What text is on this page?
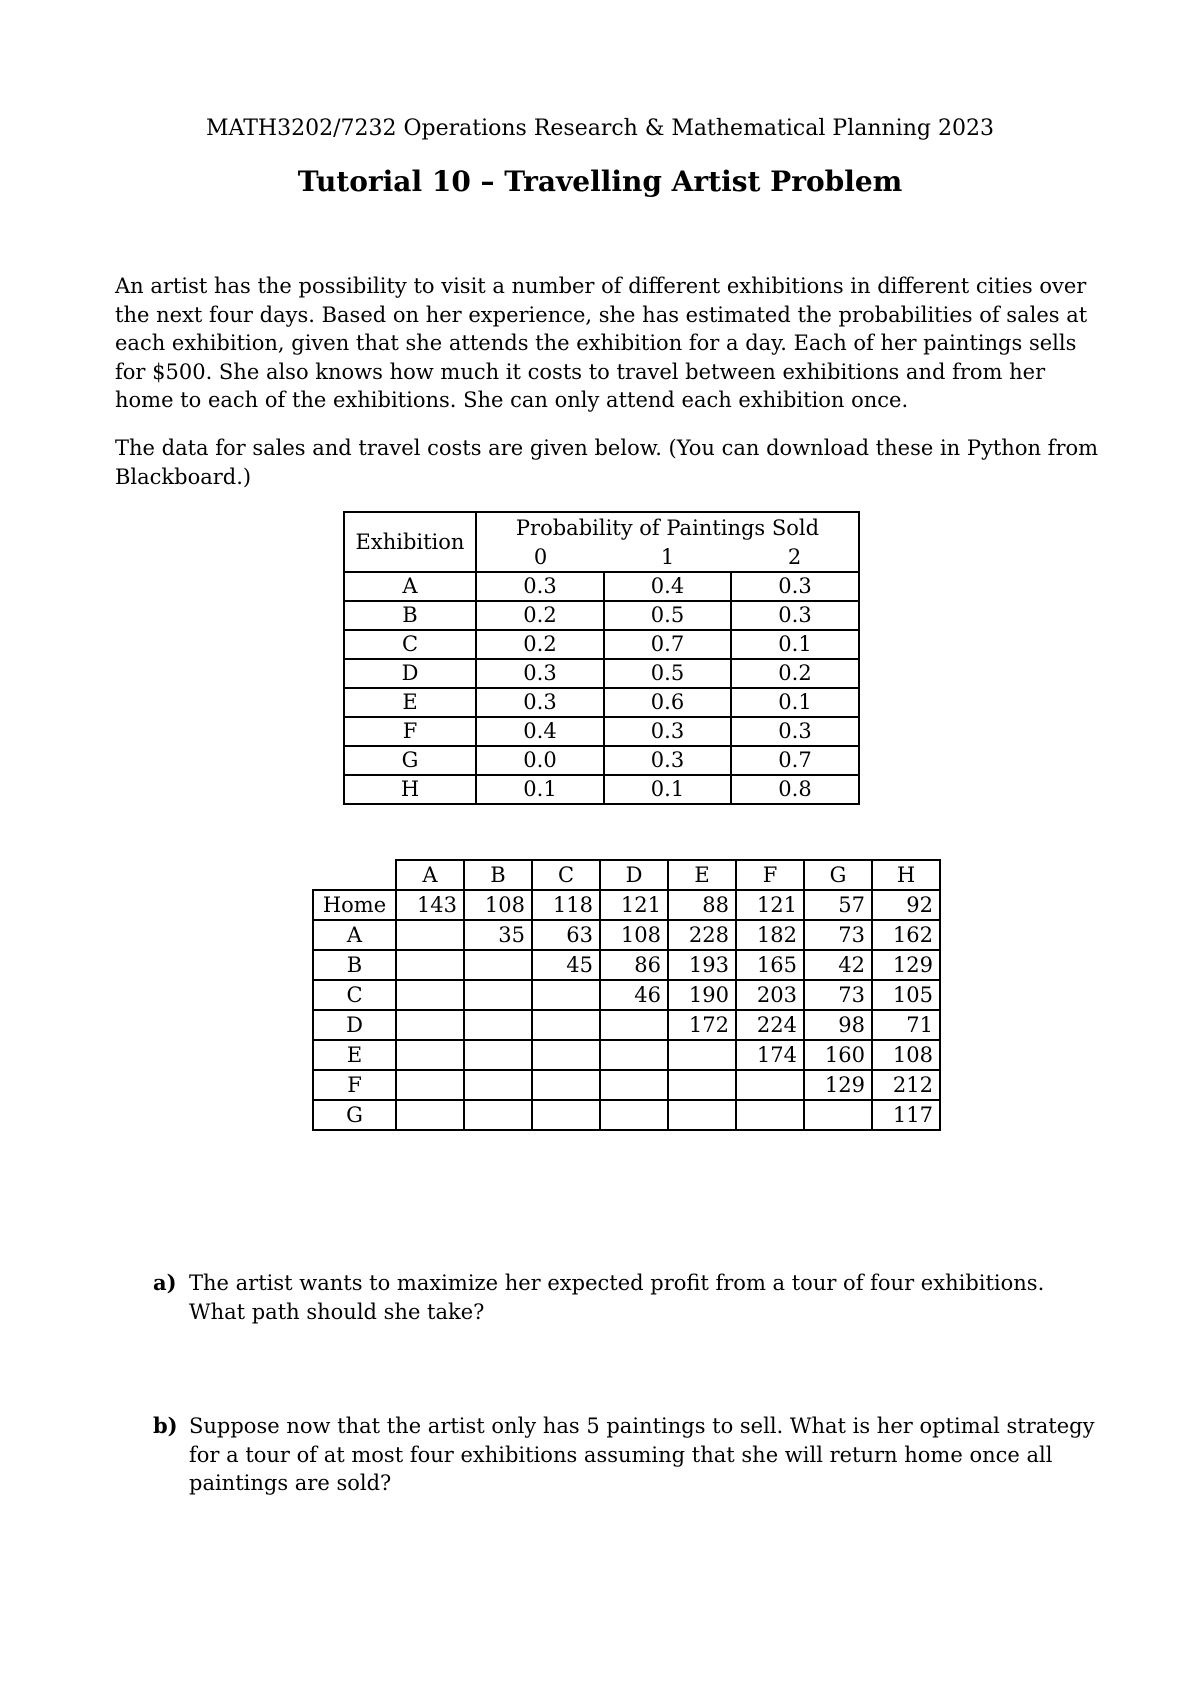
MATH3202/7232 Operations Research & Mathematical Planning 2023
Tutorial 10 – Travelling Artist Problem

An artist has the possibility to visit a number of different exhibitions in different cities over the next four days. Based on her experience, she has estimated the probabilities of sales at each exhibition, given that she attends the exhibition for a day. Each of her paintings sells for $500. She also knows how much it costs to travel between exhibitions and from her home to each of the exhibitions. She can only attend each exhibition once.

The data for sales and travel costs are given below. (You can download these in Python from Blackboard.)

Exhibition	Probability of Paintings Sold		
	0	1	2
A	0.3	0.4	0.3
B	0.2	0.5	0.3
C	0.2	0.7	0.1
D	0.3	0.5	0.2
E	0.3	0.6	0.1
F	0.4	0.3	0.3
G	0.0	0.3	0.7
H	0.1	0.1	0.8
	A	B	C	D	E	F	G	H
Home	143	108	118	121	88	121	57	92
A		35	63	108	228	182	73	162
B			45	86	193	165	42	129
C				46	190	203	73	105
D					172	224	98	71
E						174	160	108
F							129	212
G								117
a) The artist wants to maximize her expected profit from a tour of four exhibitions. What path should she take?
b) Suppose now that the artist only has 5 paintings to sell. What is her optimal strategy for a tour of at most four exhibitions assuming that she will return home once all paintings are sold?
